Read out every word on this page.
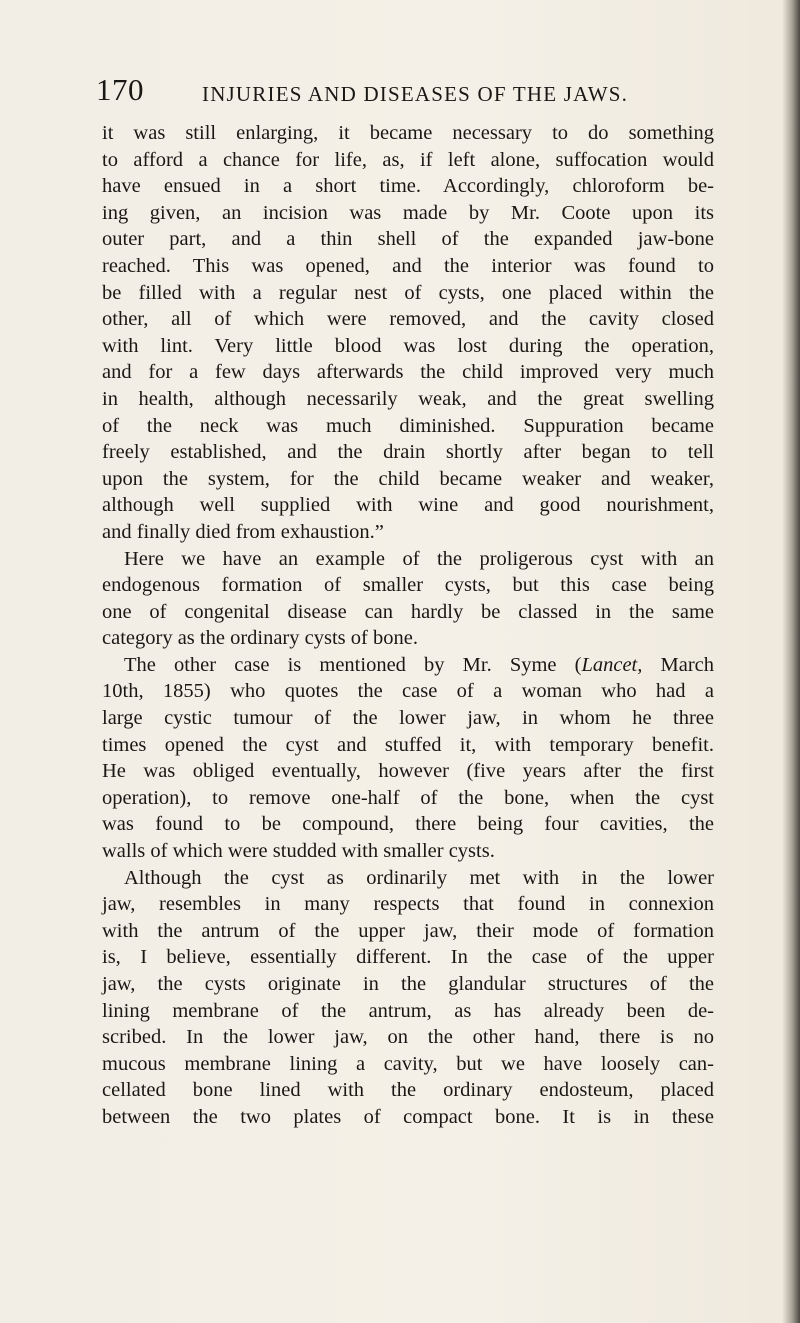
170	INJURIES AND DISEASES OF THE JAWS.
it was still enlarging, it became necessary to do something
to afford a chance for life, as, if left alone, suffocation would
have ensued in a short time. Accordingly, chloroform be-
ing given, an incision was made by Mr. Coote upon its
outer part, and a thin shell of the expanded jaw-bone
reached. This was opened, and the interior was found to
be filled with a regular nest of cysts, one placed within the
other, all of which were removed, and the cavity closed
with lint. Very little blood was lost during the operation,
and for a few days afterwards the child improved very much
in health, although necessarily weak, and the great swelling
of the neck was much diminished. Suppuration became
freely established, and the drain shortly after began to tell
upon the system, for the child became weaker and weaker,
although well supplied with wine and good nourishment,
and finally died from exhaustion.”
Here we have an example of the proligerous cyst with an
endogenous formation of smaller cysts, but this case being
one of congenital disease can hardly be classed in the same
category as the ordinary cysts of bone.
The other case is mentioned by Mr. Syme (Lancet, March
10th, 1855) who quotes the case of a woman who had a
large cystic tumour of the lower jaw, in whom he three
times opened the cyst and stuffed it, with temporary benefit.
He was obliged eventually, however (five years after the first
operation), to remove one-half of the bone, when the cyst
was found to be compound, there being four cavities, the
walls of which were studded with smaller cysts.
Although the cyst as ordinarily met with in the lower
jaw, resembles in many respects that found in connexion
with the antrum of the upper jaw, their mode of formation
is, I believe, essentially different. In the case of the upper
jaw, the cysts originate in the glandular structures of the
lining membrane of the antrum, as has already been de-
scribed. In the lower jaw, on the other hand, there is no
mucous membrane lining a cavity, but we have loosely can-
cellated bone lined with the ordinary endosteum, placed
between the two plates of compact bone. It is in these
